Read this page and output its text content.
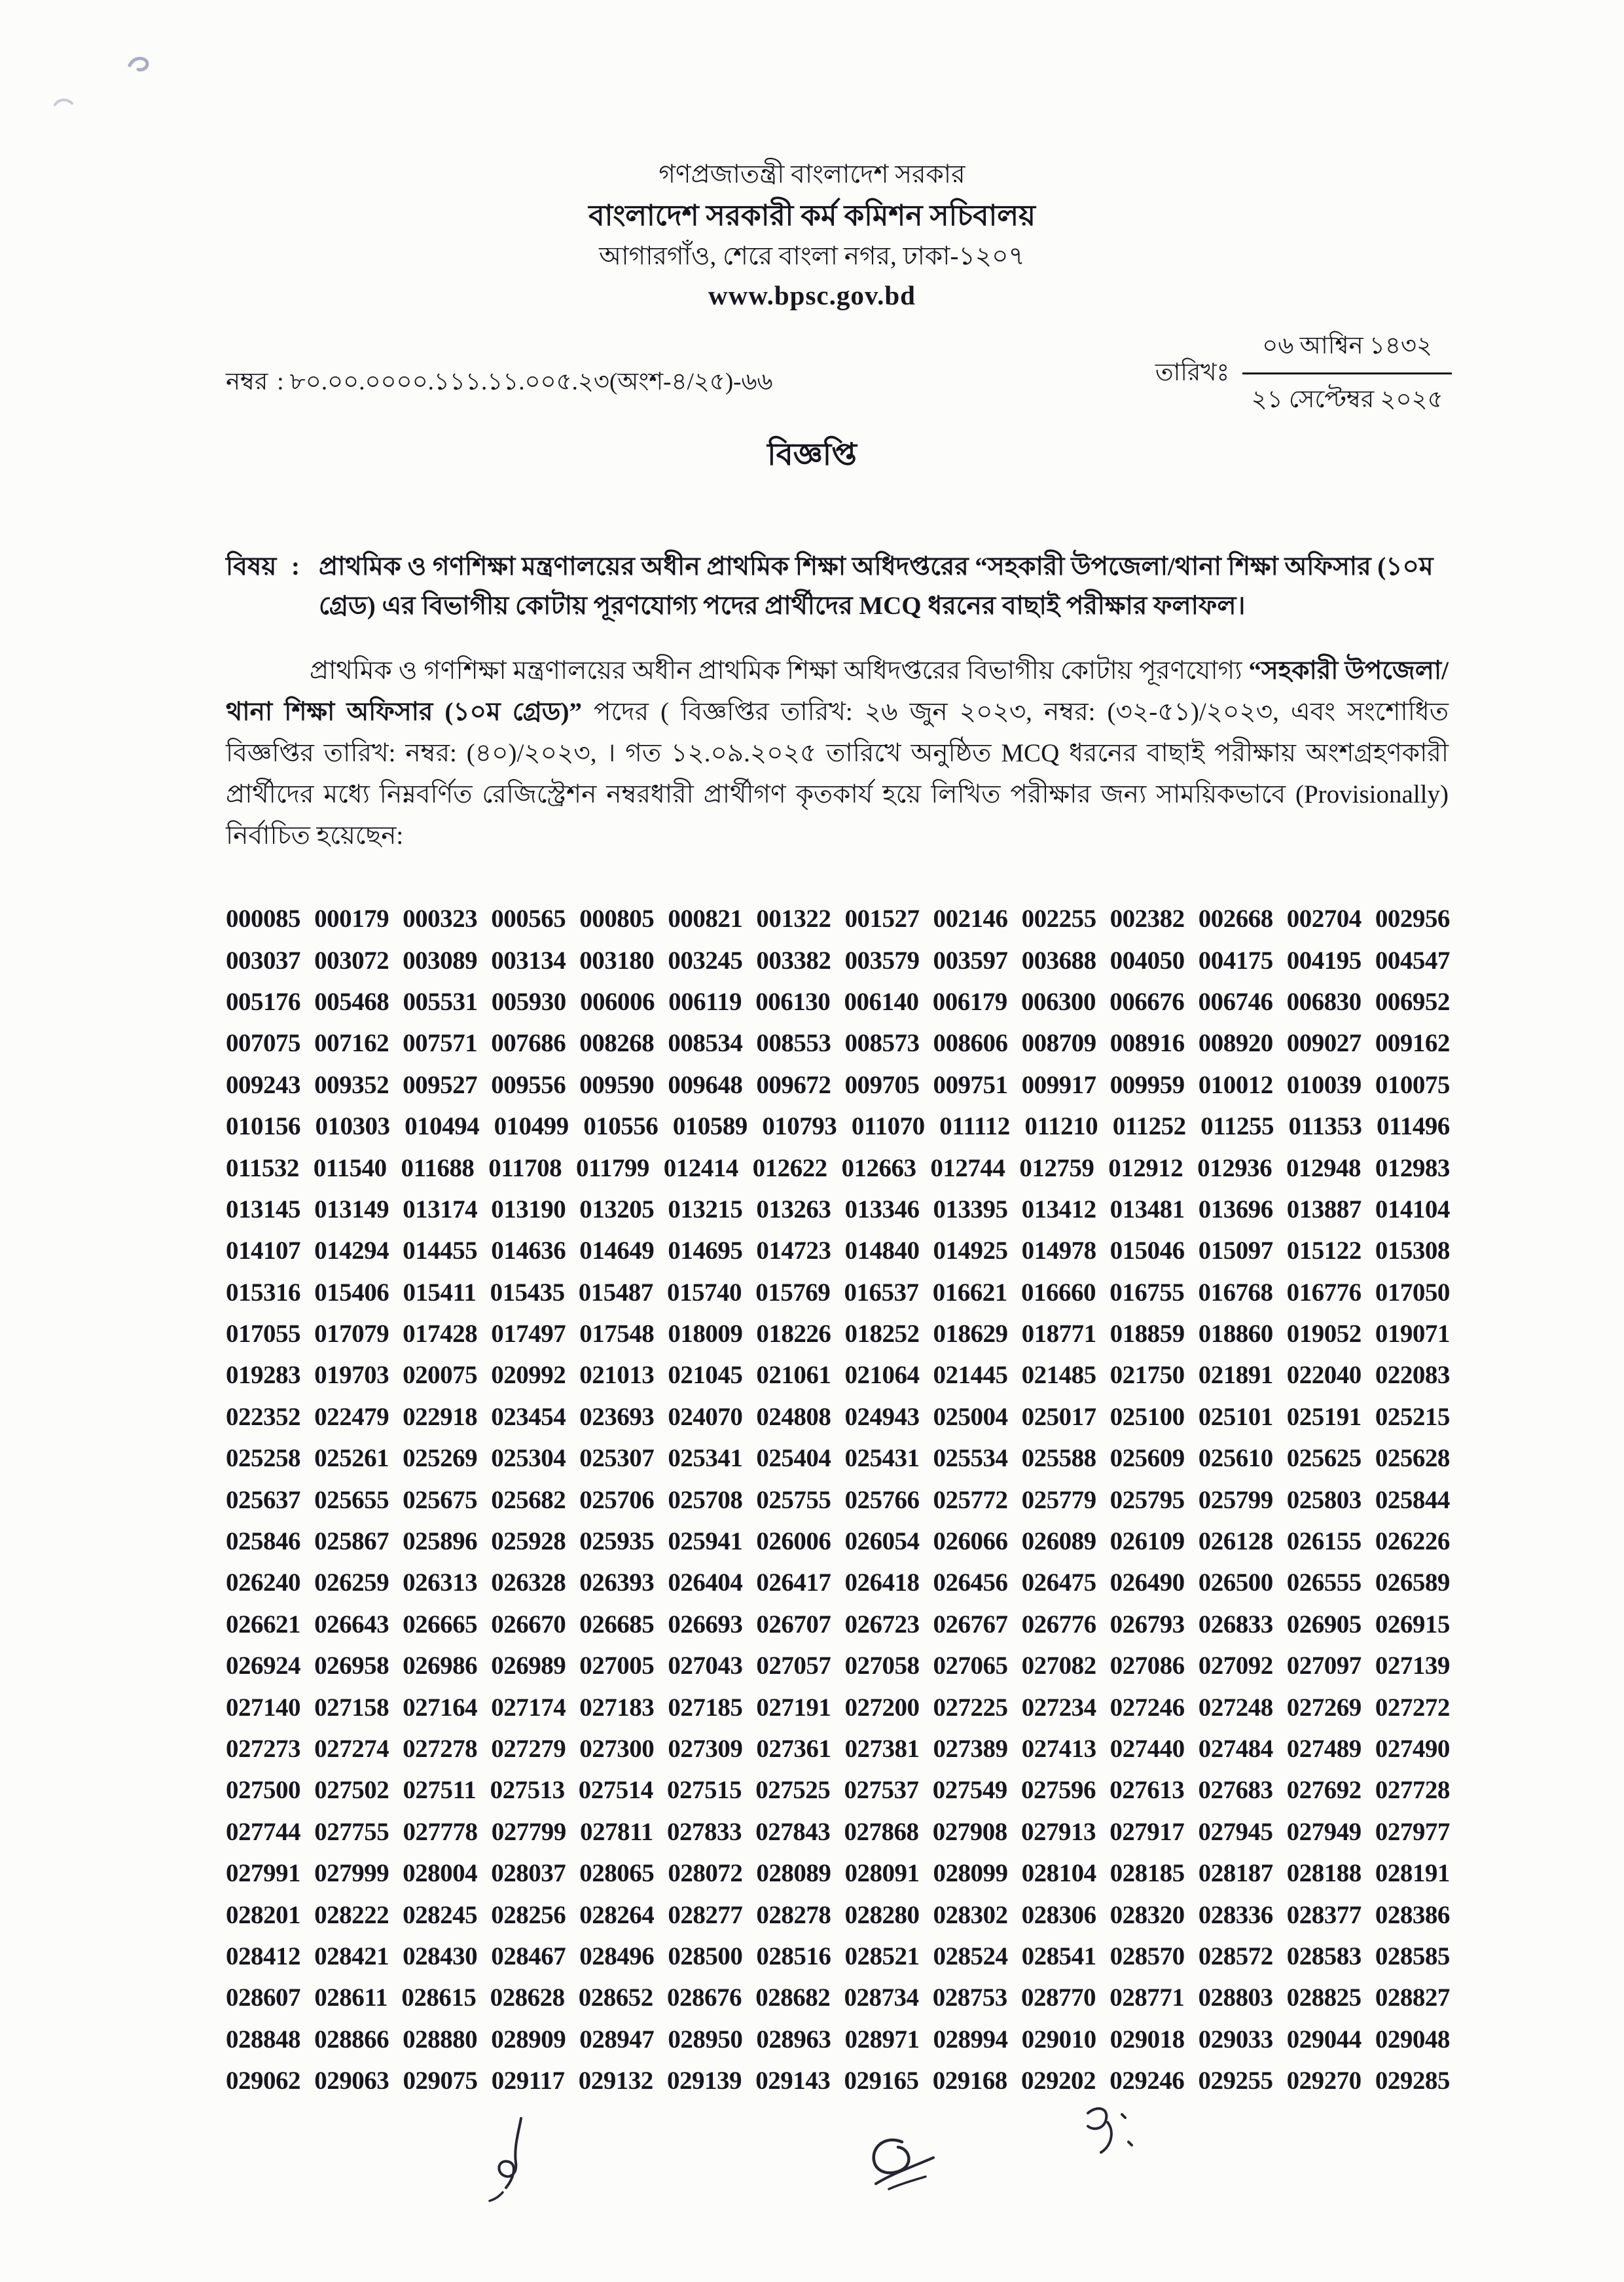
গণপ্রজাতন্ত্রী বাংলাদেশ সরকার
বাংলাদেশ সরকারী কর্ম কমিশন সচিবালয়
আগারগাঁও, শেরে বাংলা নগর, ঢাকা-১২০৭
www.bpsc.gov.bd
নম্বর : ৮০.০০.০০০০.১১১.১১.০০৫.২৩(অংশ-৪/২৫)-৬৬	তারিখঃ
০৬ আশ্বিন ১৪৩২
২১ সেপ্টেম্বর ২০২৫
বিজ্ঞপ্তি
বিষয় : প্রাথমিক ও গণশিক্ষা মন্ত্রণালয়ের অধীন প্রাথমিক শিক্ষা অধিদপ্তরের “সহকারী উপজেলা/থানা শিক্ষা অফিসার (১০ম গ্রেড) এর বিভাগীয় কোটায় পূরণযোগ্য পদের প্রার্থীদের MCQ ধরনের বাছাই পরীক্ষার ফলাফল।
প্রাথমিক ও গণশিক্ষা মন্ত্রণালয়ের অধীন প্রাথমিক শিক্ষা অধিদপ্তরের বিভাগীয় কোটায় পূরণযোগ্য “সহকারী উপজেলা/থানা শিক্ষা অফিসার (১০ম গ্রেড)” পদের ( বিজ্ঞপ্তির তারিখ: ২৬ জুন ২০২৩, নম্বর: (৩২-৫১)/২০২৩, এবং সংশোধিত বিজ্ঞপ্তির তারিখ: নম্বর: (৪০)/২০২৩, । গত ১২.০৯.২০২৫ তারিখে অনুষ্ঠিত MCQ ধরনের বাছাই পরীক্ষায় অংশগ্রহণকারী প্রার্থীদের মধ্যে নিম্নবর্ণিত রেজিস্ট্রেশন নম্বরধারী প্রার্থীগণ কৃতকার্য হয়ে লিখিত পরীক্ষার জন্য সাময়িকভাবে (Provisionally) নির্বাচিত হয়েছেন:
000085 000179 000323 000565 000805 000821 001322 001527 002146 002255 002382 002668 002704 002956
003037 003072 003089 003134 003180 003245 003382 003579 003597 003688 004050 004175 004195 004547
005176 005468 005531 005930 006006 006119 006130 006140 006179 006300 006676 006746 006830 006952
007075 007162 007571 007686 008268 008534 008553 008573 008606 008709 008916 008920 009027 009162
009243 009352 009527 009556 009590 009648 009672 009705 009751 009917 009959 010012 010039 010075
010156 010303 010494 010499 010556 010589 010793 011070 011112 011210 011252 011255 011353 011496
011532 011540 011688 011708 011799 012414 012622 012663 012744 012759 012912 012936 012948 012983
013145 013149 013174 013190 013205 013215 013263 013346 013395 013412 013481 013696 013887 014104
014107 014294 014455 014636 014649 014695 014723 014840 014925 014978 015046 015097 015122 015308
015316 015406 015411 015435 015487 015740 015769 016537 016621 016660 016755 016768 016776 017050
017055 017079 017428 017497 017548 018009 018226 018252 018629 018771 018859 018860 019052 019071
019283 019703 020075 020992 021013 021045 021061 021064 021445 021485 021750 021891 022040 022083
022352 022479 022918 023454 023693 024070 024808 024943 025004 025017 025100 025101 025191 025215
025258 025261 025269 025304 025307 025341 025404 025431 025534 025588 025609 025610 025625 025628
025637 025655 025675 025682 025706 025708 025755 025766 025772 025779 025795 025799 025803 025844
025846 025867 025896 025928 025935 025941 026006 026054 026066 026089 026109 026128 026155 026226
026240 026259 026313 026328 026393 026404 026417 026418 026456 026475 026490 026500 026555 026589
026621 026643 026665 026670 026685 026693 026707 026723 026767 026776 026793 026833 026905 026915
026924 026958 026986 026989 027005 027043 027057 027058 027065 027082 027086 027092 027097 027139
027140 027158 027164 027174 027183 027185 027191 027200 027225 027234 027246 027248 027269 027272
027273 027274 027278 027279 027300 027309 027361 027381 027389 027413 027440 027484 027489 027490
027500 027502 027511 027513 027514 027515 027525 027537 027549 027596 027613 027683 027692 027728
027744 027755 027778 027799 027811 027833 027843 027868 027908 027913 027917 027945 027949 027977
027991 027999 028004 028037 028065 028072 028089 028091 028099 028104 028185 028187 028188 028191
028201 028222 028245 028256 028264 028277 028278 028280 028302 028306 028320 028336 028377 028386
028412 028421 028430 028467 028496 028500 028516 028521 028524 028541 028570 028572 028583 028585
028607 028611 028615 028628 028652 028676 028682 028734 028753 028770 028771 028803 028825 028827
028848 028866 028880 028909 028947 028950 028963 028971 028994 029010 029018 029033 029044 029048
029062 029063 029075 029117 029132 029139 029143 029165 029168 029202 029246 029255 029270 029285
